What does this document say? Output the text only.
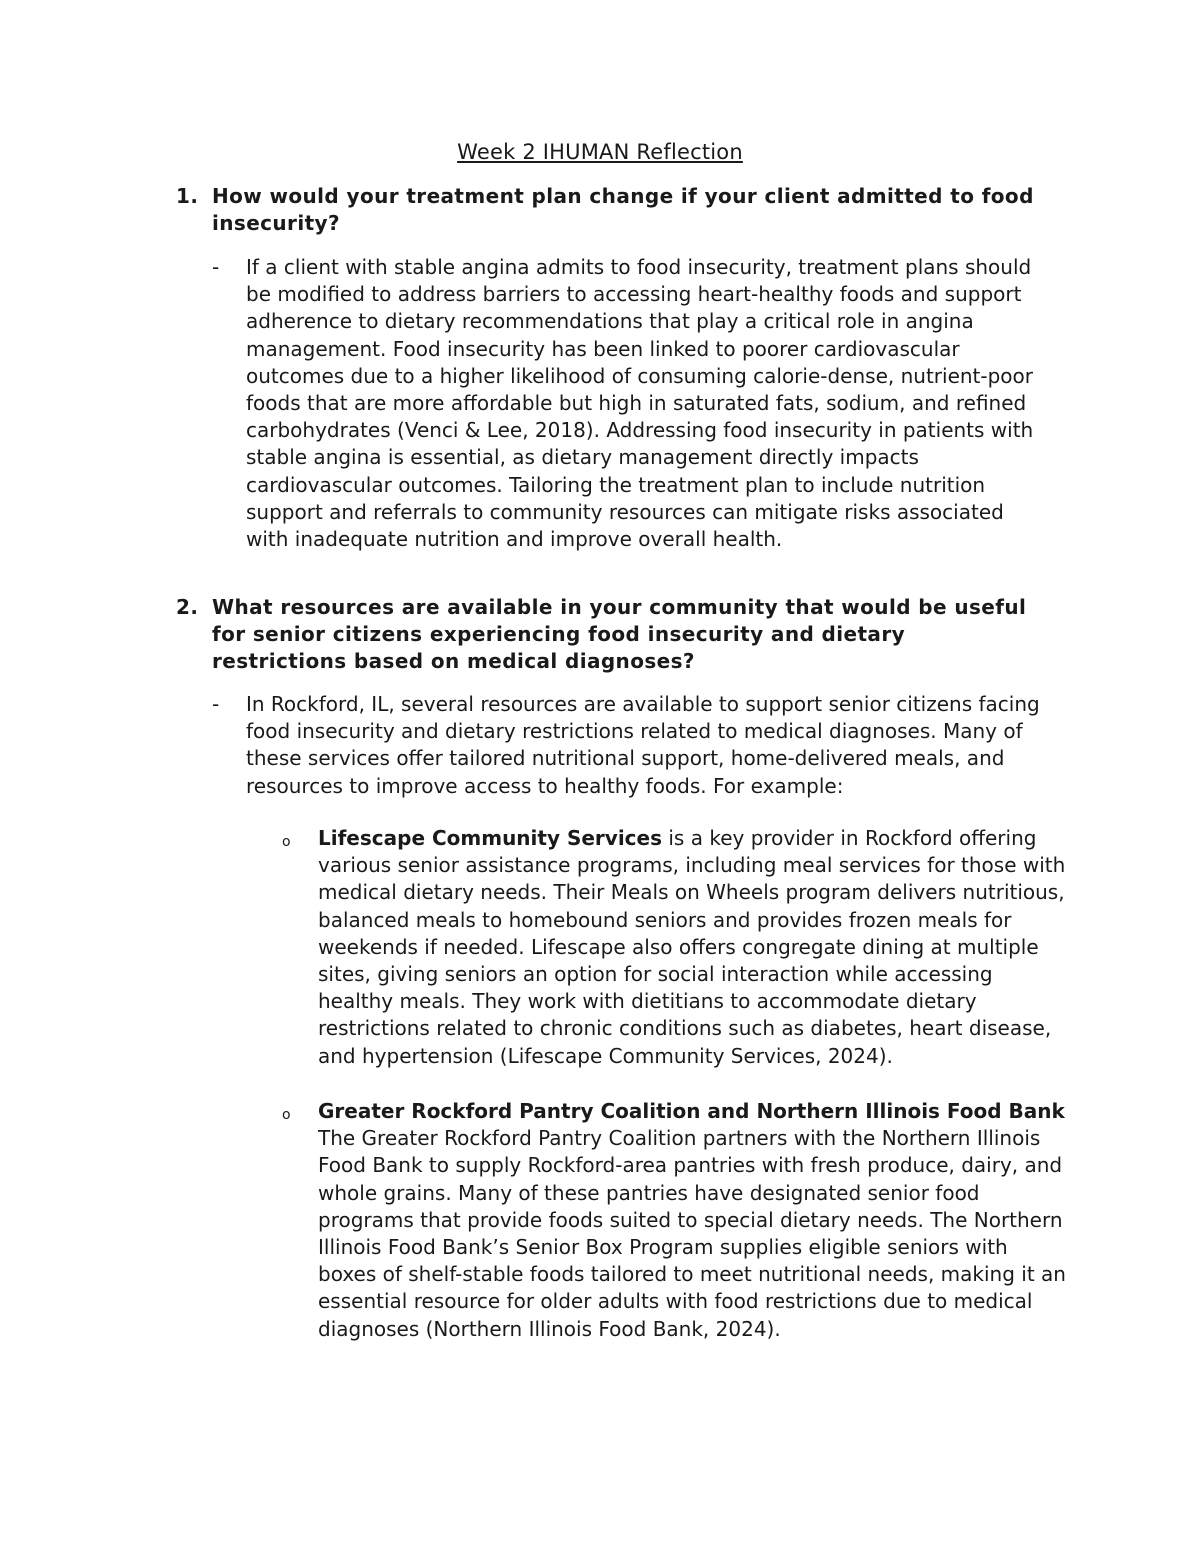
Week 2 IHUMAN Reflection
1. How would your treatment plan change if your client admitted to food insecurity?
- If a client with stable angina admits to food insecurity, treatment plans should be modified to address barriers to accessing heart-healthy foods and support adherence to dietary recommendations that play a critical role in angina management. Food insecurity has been linked to poorer cardiovascular outcomes due to a higher likelihood of consuming calorie-dense, nutrient-poor foods that are more affordable but high in saturated fats, sodium, and refined carbohydrates (Venci & Lee, 2018). Addressing food insecurity in patients with stable angina is essential, as dietary management directly impacts cardiovascular outcomes. Tailoring the treatment plan to include nutrition support and referrals to community resources can mitigate risks associated with inadequate nutrition and improve overall health.
2. What resources are available in your community that would be useful for senior citizens experiencing food insecurity and dietary restrictions based on medical diagnoses?
- In Rockford, IL, several resources are available to support senior citizens facing food insecurity and dietary restrictions related to medical diagnoses. Many of these services offer tailored nutritional support, home-delivered meals, and resources to improve access to healthy foods. For example:
o Lifescape Community Services is a key provider in Rockford offering various senior assistance programs, including meal services for those with medical dietary needs. Their Meals on Wheels program delivers nutritious, balanced meals to homebound seniors and provides frozen meals for weekends if needed. Lifescape also offers congregate dining at multiple sites, giving seniors an option for social interaction while accessing healthy meals. They work with dietitians to accommodate dietary restrictions related to chronic conditions such as diabetes, heart disease, and hypertension (Lifescape Community Services, 2024).
o Greater Rockford Pantry Coalition and Northern Illinois Food Bank
The Greater Rockford Pantry Coalition partners with the Northern Illinois Food Bank to supply Rockford-area pantries with fresh produce, dairy, and whole grains. Many of these pantries have designated senior food programs that provide foods suited to special dietary needs. The Northern Illinois Food Bank’s Senior Box Program supplies eligible seniors with boxes of shelf-stable foods tailored to meet nutritional needs, making it an essential resource for older adults with food restrictions due to medical diagnoses (Northern Illinois Food Bank, 2024).
